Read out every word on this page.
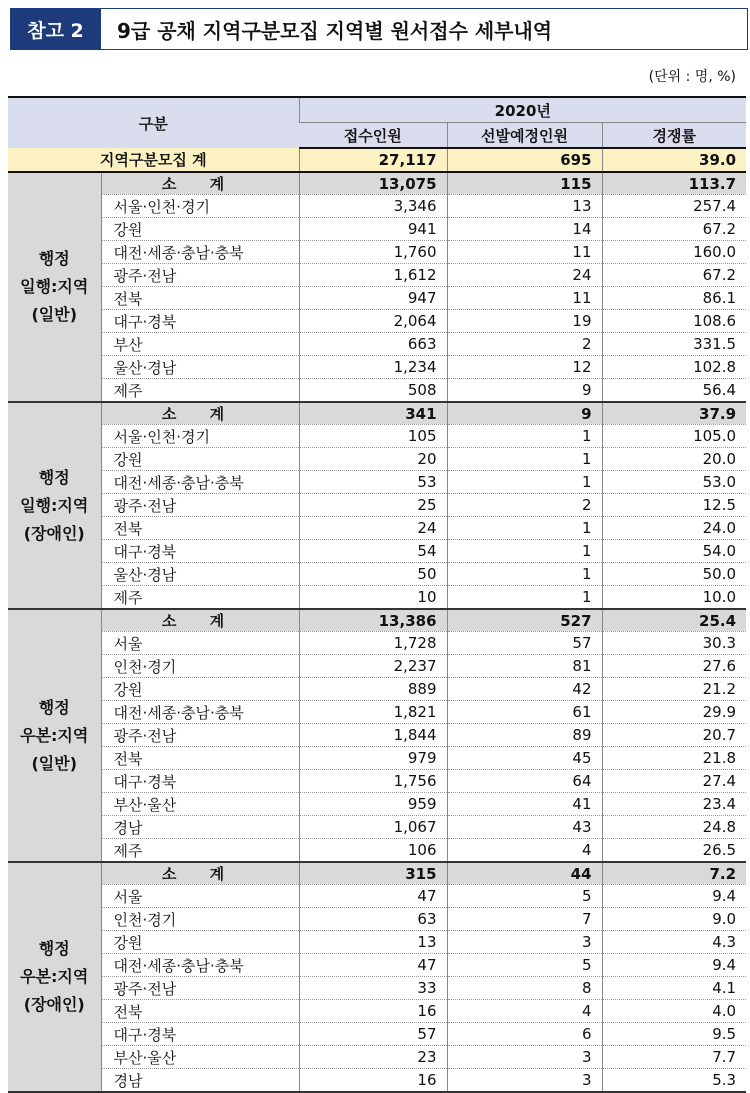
참고 2	9급 공채 지역구분모집 지역별 원서접수 세부내역
(단위 : 명, %)
구분		2020년		
		접수인원	선발예정인원	경쟁률
지역구분모집 계		27,117	695	39.0

행정
일행:지역
(일반)	소 계	13,075	115	113.7
	서울·인천·경기	3,346	13	257.4
	강원	941	14	67.2
	대전·세종·충남·충북	1,760	11	160.0
	광주·전남	1,612	24	67.2
	전북	947	11	86.1
	대구·경북	2,064	19	108.6
	부산	663	2	331.5
	울산·경남	1,234	12	102.8
	제주	508	9	56.4

행정
일행:지역
(장애인)	소 계	341	9	37.9
	서울·인천·경기	105	1	105.0
	강원	20	1	20.0
	대전·세종·충남·충북	53	1	53.0
	광주·전남	25	2	12.5
	전북	24	1	24.0
	대구·경북	54	1	54.0
	울산·경남	50	1	50.0
	제주	10	1	10.0

행정
우본:지역
(일반)	소 계	13,386	527	25.4
	서울	1,728	57	30.3
	인천·경기	2,237	81	27.6
	강원	889	42	21.2
	대전·세종·충남·충북	1,821	61	29.9
	광주·전남	1,844	89	20.7
	전북	979	45	21.8
	대구·경북	1,756	64	27.4
	부산·울산	959	41	23.4
	경남	1,067	43	24.8
	제주	106	4	26.5

행정
우본:지역
(장애인)	소 계	315	44	7.2
	서울	47	5	9.4
	인천·경기	63	7	9.0
	강원	13	3	4.3
	대전·세종·충남·충북	47	5	9.4
	광주·전남	33	8	4.1
	전북	16	4	4.0
	대구·경북	57	6	9.5
	부산·울산	23	3	7.7
	경남	16	3	5.3
